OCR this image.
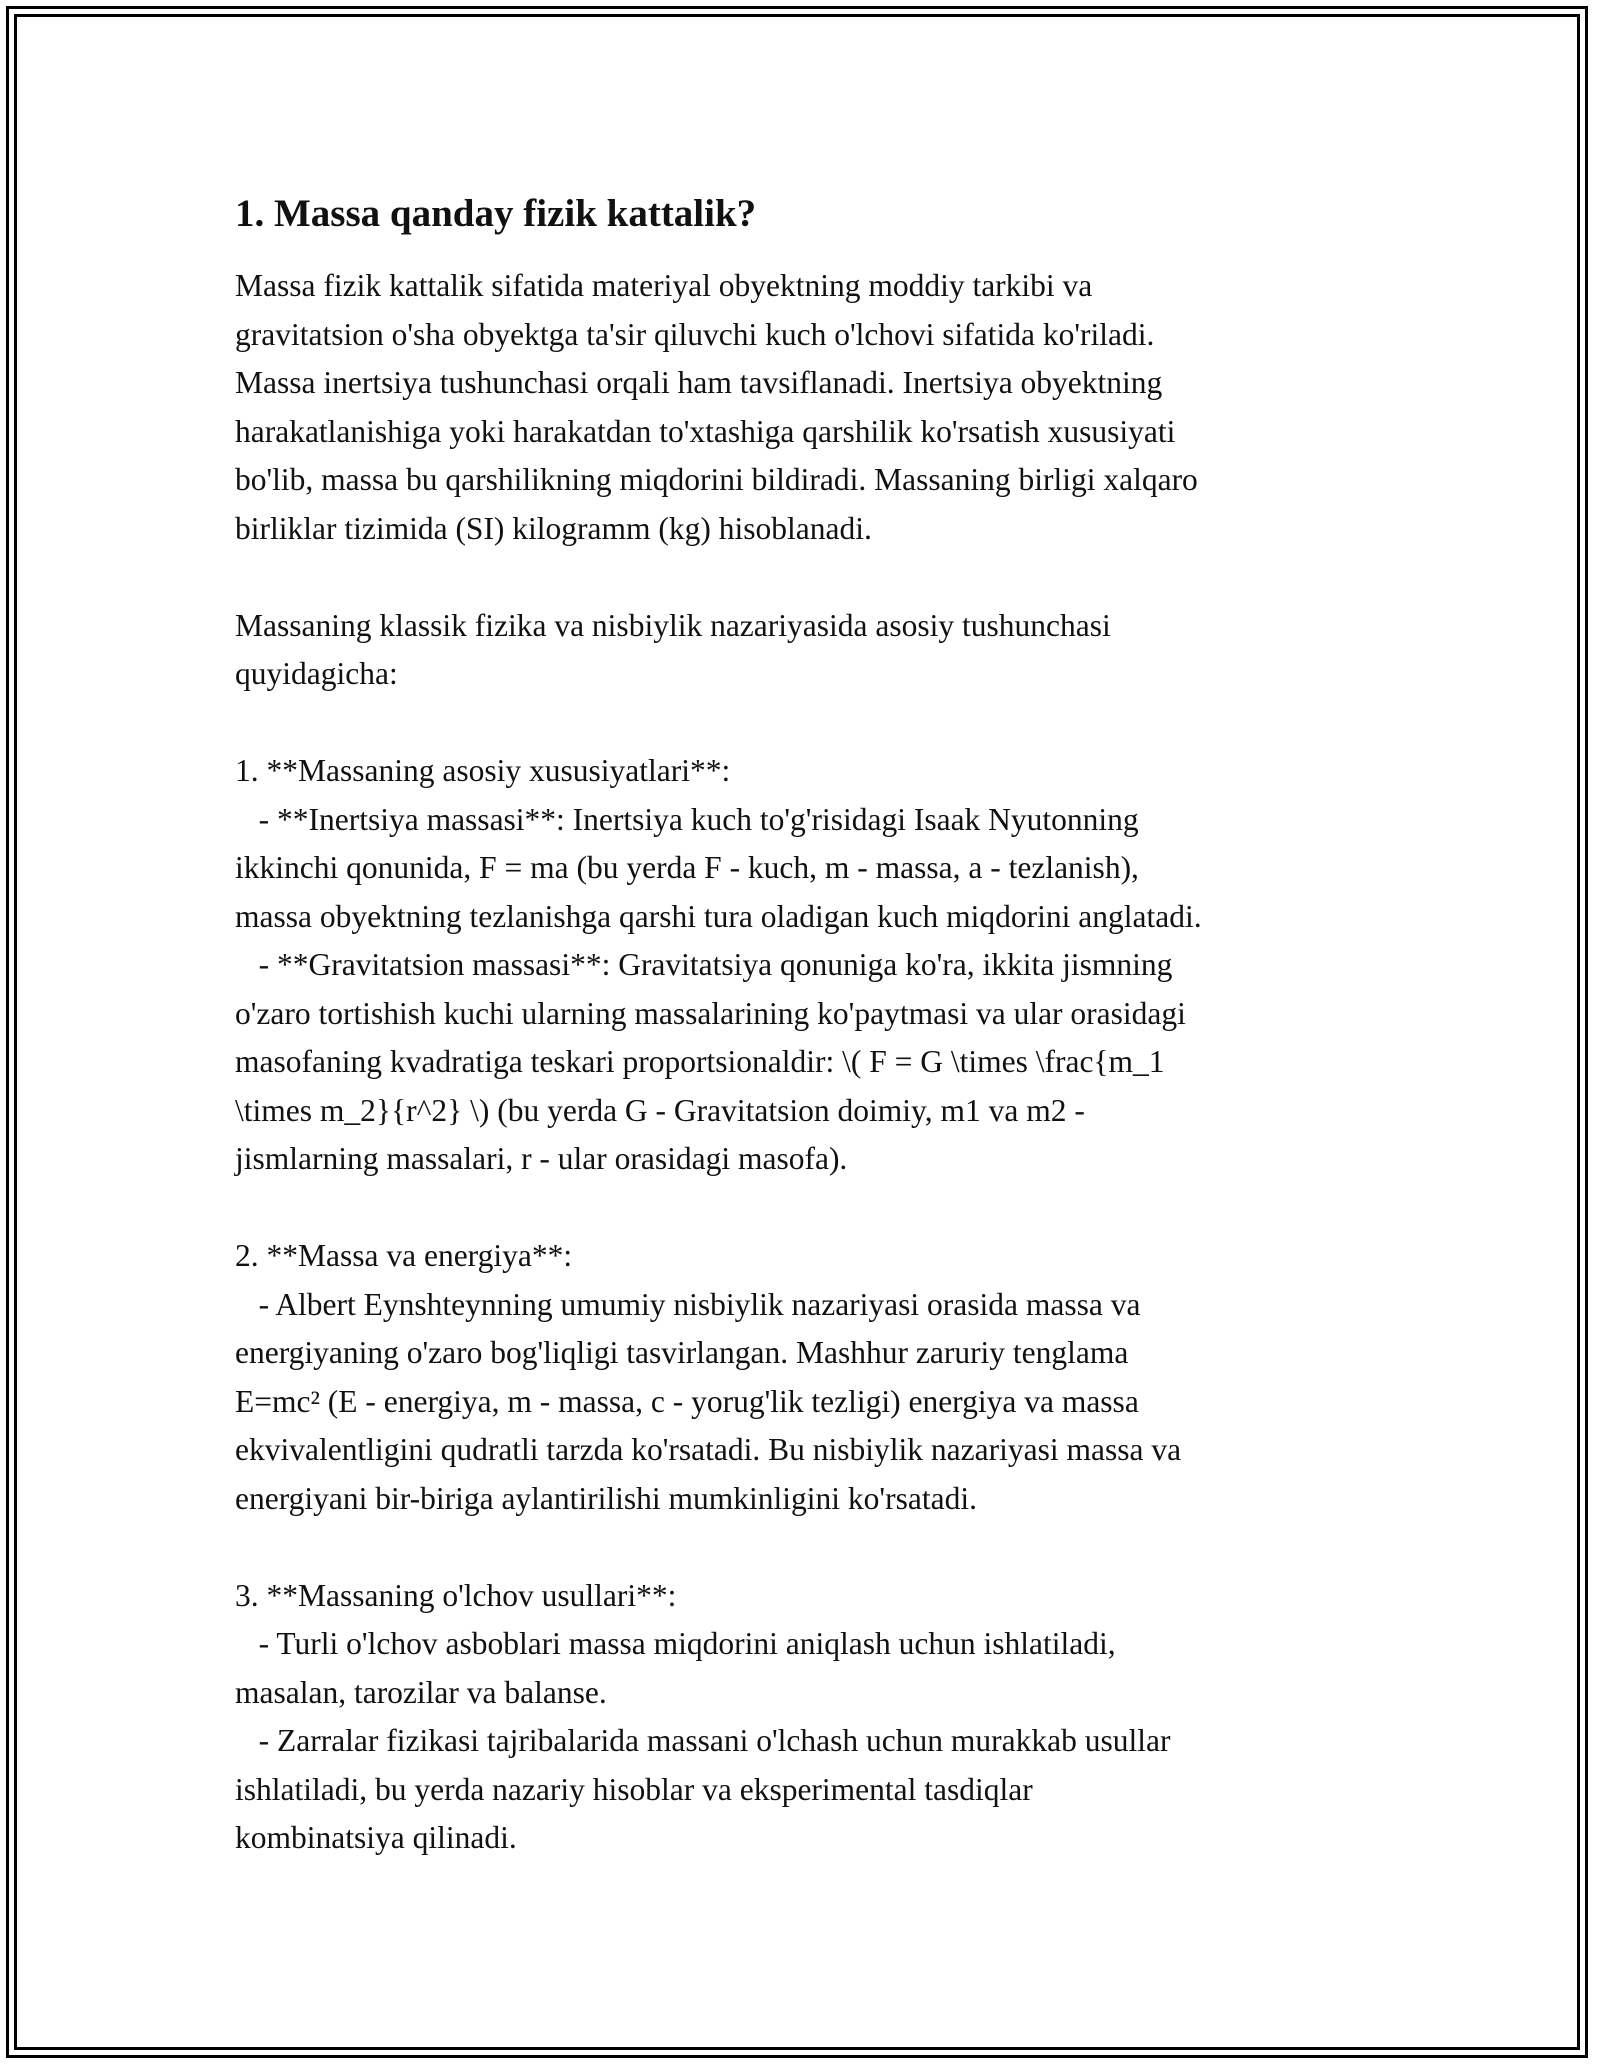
1. Massa qanday fizik kattalik?

Massa fizik kattalik sifatida materiyal obyektning moddiy tarkibi va
gravitatsion o'sha obyektga ta'sir qiluvchi kuch o'lchovi sifatida ko'riladi.
Massa inertsiya tushunchasi orqali ham tavsiflanadi. Inertsiya obyektning
harakatlanishiga yoki harakatdan to'xtashiga qarshilik ko'rsatish xususiyati
bo'lib, massa bu qarshilikning miqdorini bildiradi. Massaning birligi xalqaro
birliklar tizimida (SI) kilogramm (kg) hisoblanadi.

Massaning klassik fizika va nisbiylik nazariyasida asosiy tushunchasi
quyidagicha:

1. **Massaning asosiy xususiyatlari**:
- **Inertsiya massasi**: Inertsiya kuch to'g'risidagi Isaak Nyutonning
ikkinchi qonunida, F = ma (bu yerda F - kuch, m - massa, a - tezlanish),
massa obyektning tezlanishga qarshi tura oladigan kuch miqdorini anglatadi.
- **Gravitatsion massasi**: Gravitatsiya qonuniga ko'ra, ikkita jismning
o'zaro tortishish kuchi ularning massalarining ko'paytmasi va ular orasidagi
masofaning kvadratiga teskari proportsionaldir: \( F = G \times \frac{m_1
\times m_2}{r^2} \) (bu yerda G - Gravitatsion doimiy, m1 va m2 -
jismlarning massalari, r - ular orasidagi masofa).

2. **Massa va energiya**:
- Albert Eynshteynning umumiy nisbiylik nazariyasi orasida massa va
energiyaning o'zaro bog'liqligi tasvirlangan. Mashhur zaruriy tenglama
E=mc² (E - energiya, m - massa, c - yorug'lik tezligi) energiya va massa
ekvivalentligini qudratli tarzda ko'rsatadi. Bu nisbiylik nazariyasi massa va
energiyani bir-biriga aylantirilishi mumkinligini ko'rsatadi.

3. **Massaning o'lchov usullari**:
- Turli o'lchov asboblari massa miqdorini aniqlash uchun ishlatiladi,
masalan, tarozilar va balanse.
- Zarralar fizikasi tajribalarida massani o'lchash uchun murakkab usullar
ishlatiladi, bu yerda nazariy hisoblar va eksperimental tasdiqlar
kombinatsiya qilinadi.
